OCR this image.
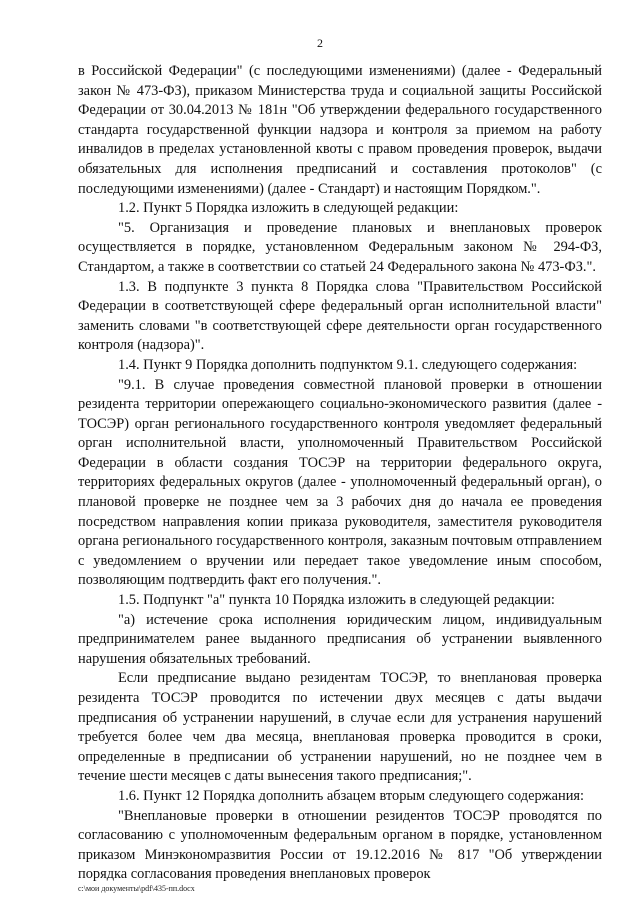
2

в Российской Федерации" (с последующими изменениями) (далее - Федеральный закон № 473-ФЗ), приказом Министерства труда и социальной защиты Российской Федерации от 30.04.2013 № 181н "Об утверждении федерального государственного стандарта государственной функции надзора и контроля за приемом на работу инвалидов в пределах установленной квоты с правом проведения проверок, выдачи обязательных для исполнения предписаний и составления протоколов" (с последующими изменениями) (далее - Стандарт) и настоящим Порядком.".

1.2. Пункт 5 Порядка изложить в следующей редакции:

"5. Организация и проведение плановых и внеплановых проверок осуществляется в порядке, установленном Федеральным законом № 294-ФЗ, Стандартом, а также в соответствии со статьей 24 Федерального закона № 473-ФЗ.".

1.3. В подпункте 3 пункта 8 Порядка слова "Правительством Российской Федерации в соответствующей сфере федеральный орган исполнительной власти" заменить словами "в соответствующей сфере деятельности орган государственного контроля (надзора)".

1.4. Пункт 9 Порядка дополнить подпунктом 9.1. следующего содержания:

"9.1. В случае проведения совместной плановой проверки в отношении резидента территории опережающего социально-экономического развития (далее - ТОСЭР) орган регионального государственного контроля уведомляет федеральный орган исполнительной власти, уполномоченный Правительством Российской Федерации в области создания ТОСЭР на территории федерального округа, территориях федеральных округов (далее - уполномоченный федеральный орган), о плановой проверке не позднее чем за 3 рабочих дня до начала ее проведения посредством направления копии приказа руководителя, заместителя руководителя органа регионального государственного контроля, заказным почтовым отправлением с уведомлением о вручении или передает такое уведомление иным способом, позволяющим подтвердить факт его получения.".

1.5. Подпункт "а" пункта 10 Порядка изложить в следующей редакции:

"а) истечение срока исполнения юридическим лицом, индивидуальным предпринимателем ранее выданного предписания об устранении выявленного нарушения обязательных требований.

Если предписание выдано резидентам ТОСЭР, то внеплановая проверка резидента ТОСЭР проводится по истечении двух месяцев с даты выдачи предписания об устранении нарушений, в случае если для устранения нарушений требуется более чем два месяца, внеплановая проверка проводится в сроки, определенные в предписании об устранении нарушений, но не позднее чем в течение шести месяцев с даты вынесения такого предписания;".

1.6. Пункт 12 Порядка дополнить абзацем вторым следующего содержания:

"Внеплановые проверки в отношении резидентов ТОСЭР проводятся по согласованию с уполномоченным федеральным органом в порядке, установленном приказом Минэкономразвития России от 19.12.2016 № 817 "Об утверждении порядка согласования проведения внеплановых проверок

c:\мои документы\pdf\435-пп.docx
